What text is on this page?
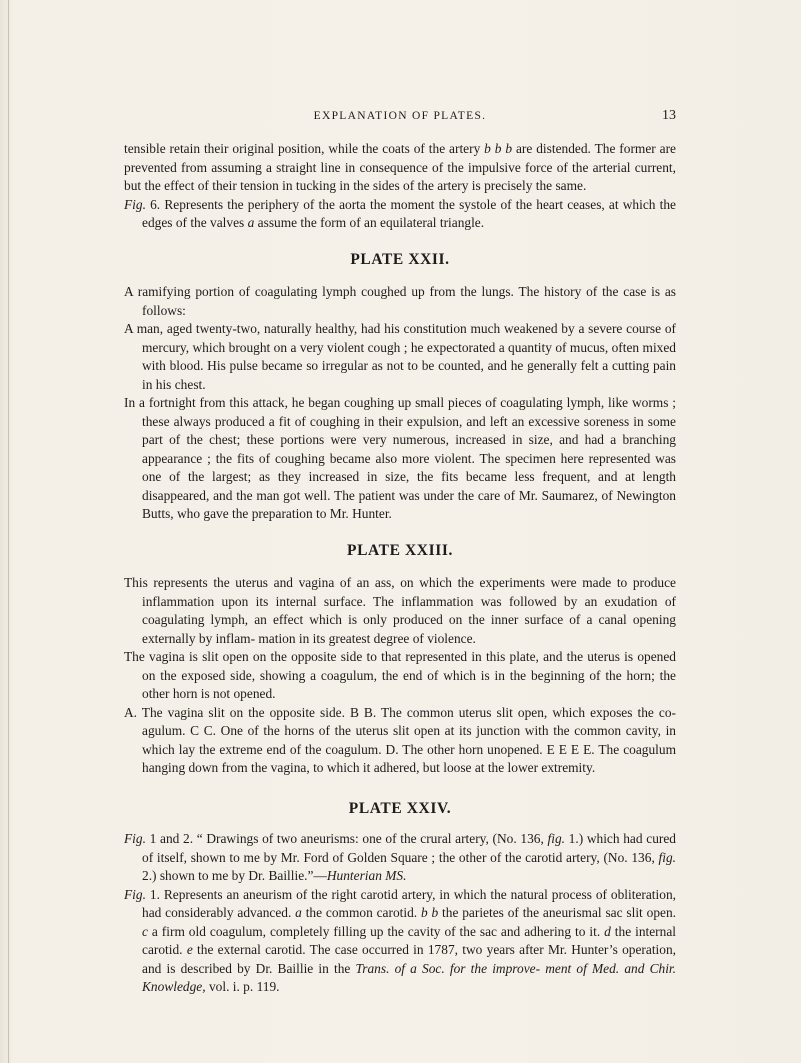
EXPLANATION OF PLATES.	13

tensible retain their original position, while the coats of the artery b b b are distended. The former are prevented from assuming a straight line in consequence of the impulsive force of the arterial current, but the effect of their tension in tucking in the sides of the artery is precisely the same.

Fig. 6. Represents the periphery of the aorta the moment the systole of the heart ceases, at which the edges of the valves a assume the form of an equilateral triangle.

PLATE XXII.

A ramifying portion of coagulating lymph coughed up from the lungs. The history of the case is as follows:

A man, aged twenty-two, naturally healthy, had his constitution much weakened by a severe course of mercury, which brought on a very violent cough ; he expectorated a quantity of mucus, often mixed with blood. His pulse became so irregular as not to be counted, and he generally felt a cutting pain in his chest.

In a fortnight from this attack, he began coughing up small pieces of coagulating lymph, like worms ; these always produced a fit of coughing in their expulsion, and left an excessive soreness in some part of the chest; these portions were very numerous, increased in size, and had a branching appearance ; the fits of coughing became also more violent. The specimen here represented was one of the largest; as they increased in size, the fits became less frequent, and at length disappeared, and the man got well. The patient was under the care of Mr. Saumarez, of Newington Butts, who gave the preparation to Mr. Hunter.

PLATE XXIII.

This represents the uterus and vagina of an ass, on which the experiments were made to produce inflammation upon its internal surface. The inflammation was followed by an exudation of coagulating lymph, an effect which is only produced on the inner surface of a canal opening externally by inflam- mation in its greatest degree of violence.

The vagina is slit open on the opposite side to that represented in this plate, and the uterus is opened on the exposed side, showing a coagulum, the end of which is in the beginning of the horn; the other horn is not opened.

A. The vagina slit on the opposite side. B B. The common uterus slit open, which exposes the co- agulum. C C. One of the horns of the uterus slit open at its junction with the common cavity, in which lay the extreme end of the coagulum. D. The other horn unopened. E E E E. The coagulum hanging down from the vagina, to which it adhered, but loose at the lower extremity.

PLATE XXIV.

Fig. 1 and 2. “ Drawings of two aneurisms: one of the crural artery, (No. 136, fig. 1.) which had cured of itself, shown to me by Mr. Ford of Golden Square ; the other of the carotid artery, (No. 136, fig. 2.) shown to me by Dr. Baillie.”—Hunterian MS.

Fig. 1. Represents an aneurism of the right carotid artery, in which the natural process of obliteration, had considerably advanced. a the common carotid. b b the parietes of the aneurismal sac slit open. c a firm old coagulum, completely filling up the cavity of the sac and adhering to it. d the internal carotid. e the external carotid. The case occurred in 1787, two years after Mr. Hunter’s operation, and is described by Dr. Baillie in the Trans. of a Soc. for the improve- ment of Med. and Chir. Knowledge, vol. i. p. 119.
